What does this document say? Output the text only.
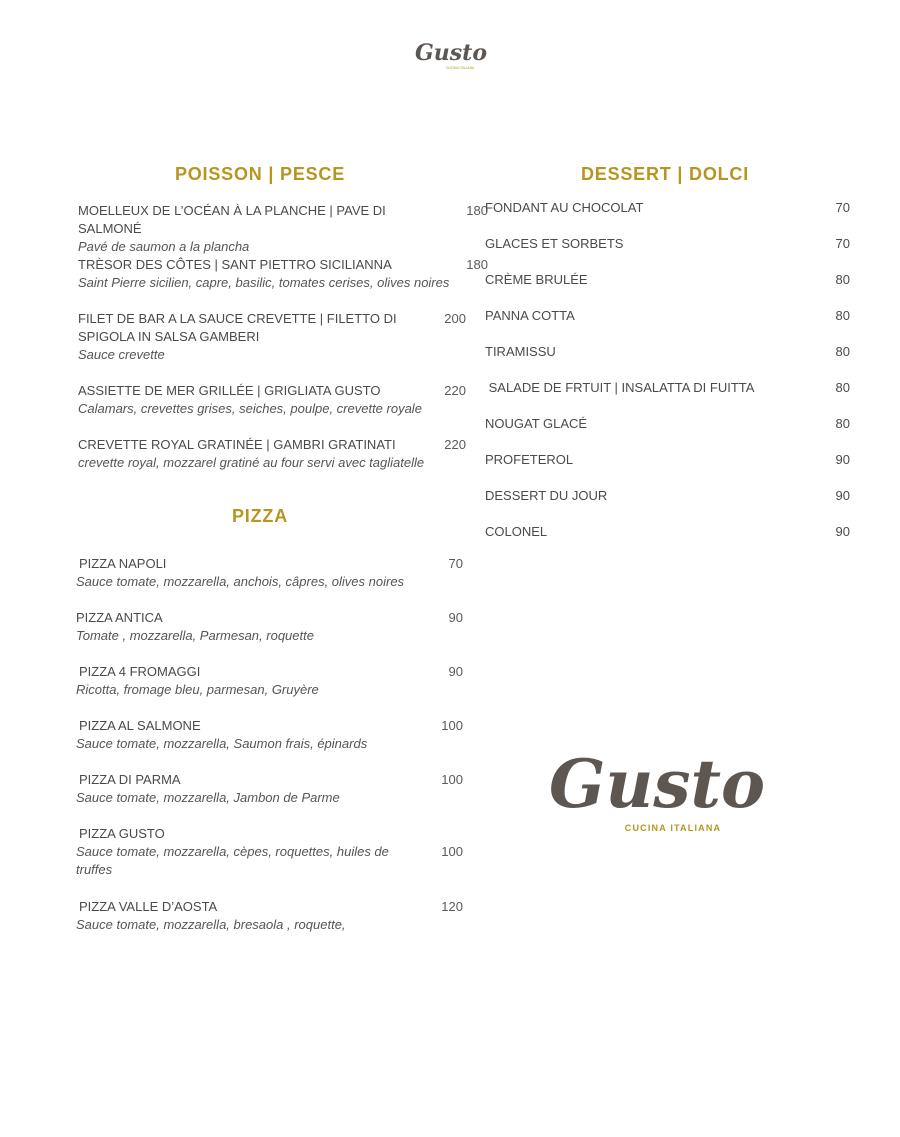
Gusto
CUCINA ITALIANA
POISSON | PESCE
MOELLEUX DE L’OCÉAN À LA PLANCHE | PAVE DI SALMONÉ
Pavé de saumon a la plancha
180
TRÈSOR DES CÔTES | SANT PIETTRO SICILIANNA
Saint Pierre sicilien, capre, basilic, tomates cerises, olives noires
180
FILET DE BAR A LA SAUCE CREVETTE | FILETTO DI SPIGOLA IN SALSA GAMBERI
Sauce crevette
200
ASSIETTE DE MER GRILLÉE | GRIGLIATA GUSTO
Calamars, crevettes grises, seiches, poulpe, crevette royale
220
CREVETTE ROYAL GRATINÉE | GAMBRI GRATINATI
crevette royal, mozzarel gratiné au four servi avec tagliatelle
220
PIZZA
PIZZA NAPOLI
Sauce tomate, mozzarella, anchois, câpres, olives noires
70
PIZZA ANTICA
Tomate , mozzarella, Parmesan, roquette
90
PIZZA 4 FROMAGGI
Ricotta, fromage bleu, parmesan, Gruyère
90
PIZZA AL SALMONE
Sauce tomate, mozzarella, Saumon frais, épinards
100
PIZZA DI PARMA
Sauce tomate, mozzarella, Jambon de Parme
100
PIZZA GUSTO
Sauce tomate, mozzarella, cèpes, roquettes, huiles de truffes
100
PIZZA VALLE D’AOSTA
Sauce tomate, mozzarella, bresaola , roquette,
120
DESSERT | DOLCI
FONDANT AU CHOCOLAT	70
GLACES ET SORBETS	70
CRÈME BRULÉE	80
PANNA COTTA	80
TIRAMISSU	80
SALADE DE FRTUIT | INSALATTA DI FUITTA	80
NOUGAT GLACÉ	80
PROFETEROL	90
DESSERT DU JOUR	90
COLONEL	90
Gusto
CUCINA ITALIANA
